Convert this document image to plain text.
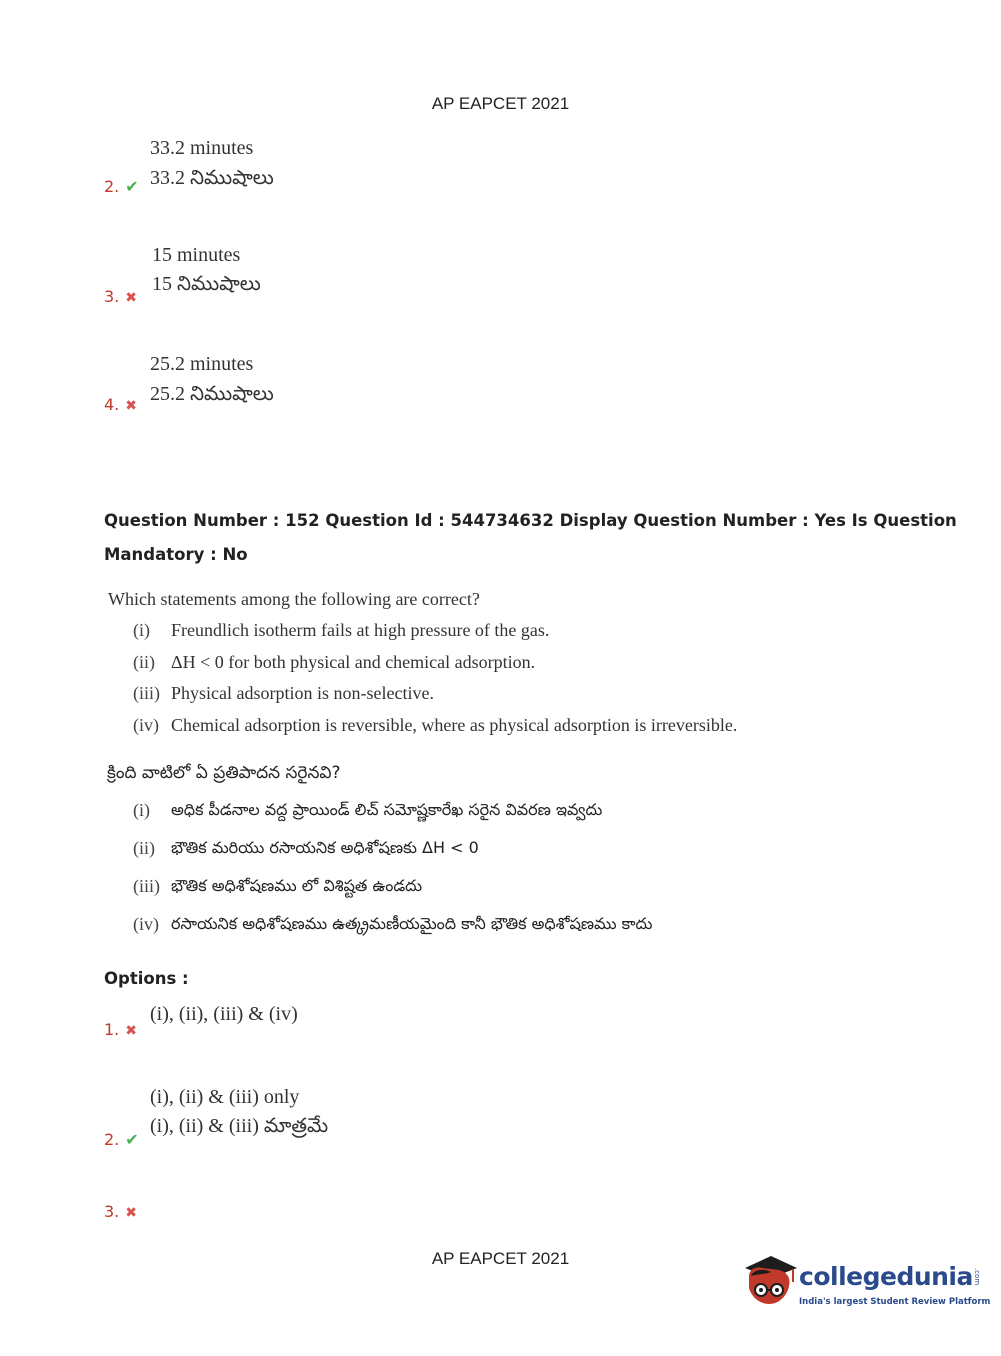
AP EAPCET 2021
33.2 minutes
33.2 నిముషాలు
2. ✔
15 minutes
15 నిముషాలు
3. ✖
25.2 minutes
25.2 నిముషాలు
4. ✖
Question Number : 152 Question Id : 544734632 Display Question Number : Yes Is Question
Mandatory : No
Which statements among the following are correct?
(i)	Freundlich isotherm fails at high pressure of the gas.
(ii) ΔH < 0 for both physical and chemical adsorption.
(iii) Physical adsorption is non-selective.
(iv) Chemical adsorption is reversible, where as physical adsorption is irreversible.
క్రింది వాటిలో ఏ ప్రతిపాదన సరైనవి?
(i)	అధిక పీడనాల వద్ద ప్రాయిండ్ లిచ్ సమోష్ణకారేఖ సరైన వివరణ ఇవ్వదు
(ii)	భౌతిక మరియు రసాయనిక అధిశోషణకు ΔH < 0
(iii) భౌతిక అధిశోషణము లో విశిష్టత ఉండదు
(iv) రసాయనిక అధిశోషణము ఉత్క్రమణీయమైంది కానీ భౌతిక అధిశోషణము కాదు
Options :
(i), (ii), (iii) & (iv)
1. ✖
(i), (ii) & (iii) only
(i), (ii) & (iii) మాత్రమే
2. ✔
3. ✖
AP EAPCET 2021
collegedunia.com
India's largest Student Review Platform
